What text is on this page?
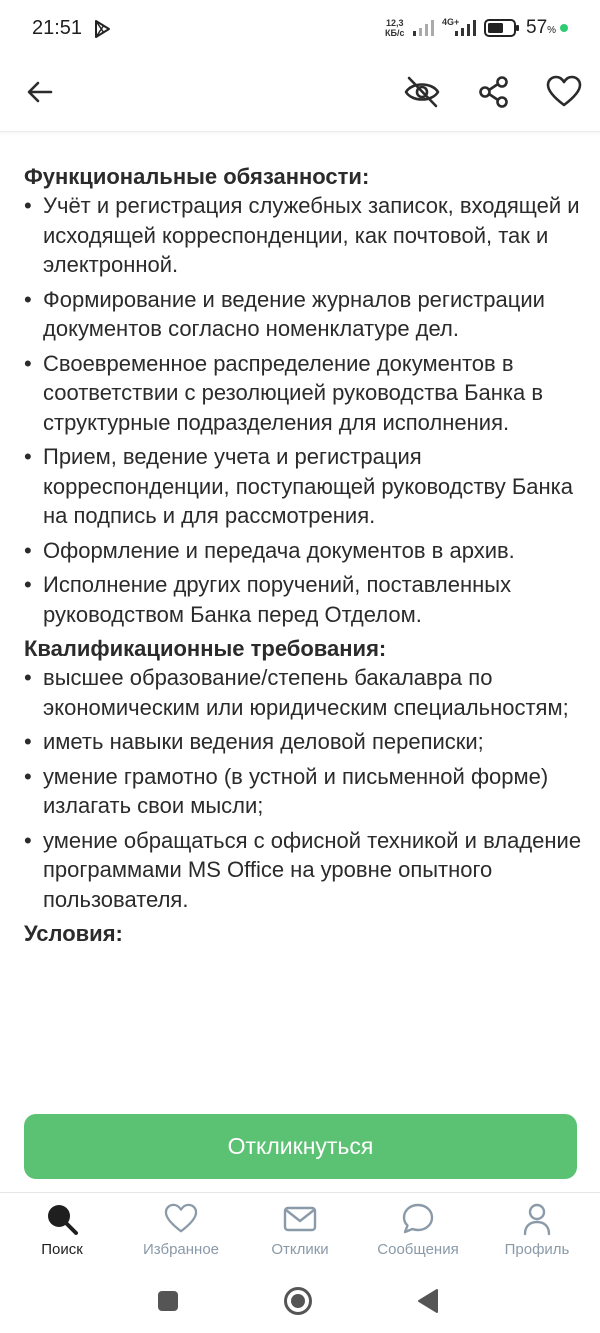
21:51	12,3
КБ/с
4G+	57%
Функциональные обязанности:
• Учёт и регистрация служебных записок, входящей и исходящей корреспонденции, как почтовой, так и электронной.
• Формирование и ведение журналов регистрации документов согласно номенклатуре дел.
• Своевременное распределение документов в соответствии с резолюцией руководства Банка в структурные подразделения для исполнения.
• Прием, ведение учета и регистрация корреспонденции, поступающей руководству Банка на подпись и для рассмотрения.
• Оформление и передача документов в архив.
• Исполнение других поручений, поставленных руководством Банка перед Отделом.
Квалификационные требования:
• высшее образование/степень бакалавра по экономическим или юридическим специальностям;
• иметь навыки ведения деловой переписки;
• умение грамотно (в устной и письменной форме) излагать свои мысли;
• умение обращаться с офисной техникой и владение программами MS Office на уровне опытного пользователя.
Условия:
Откликнуться
Поиск	Избранное	Отклики	Сообщения	Профиль
